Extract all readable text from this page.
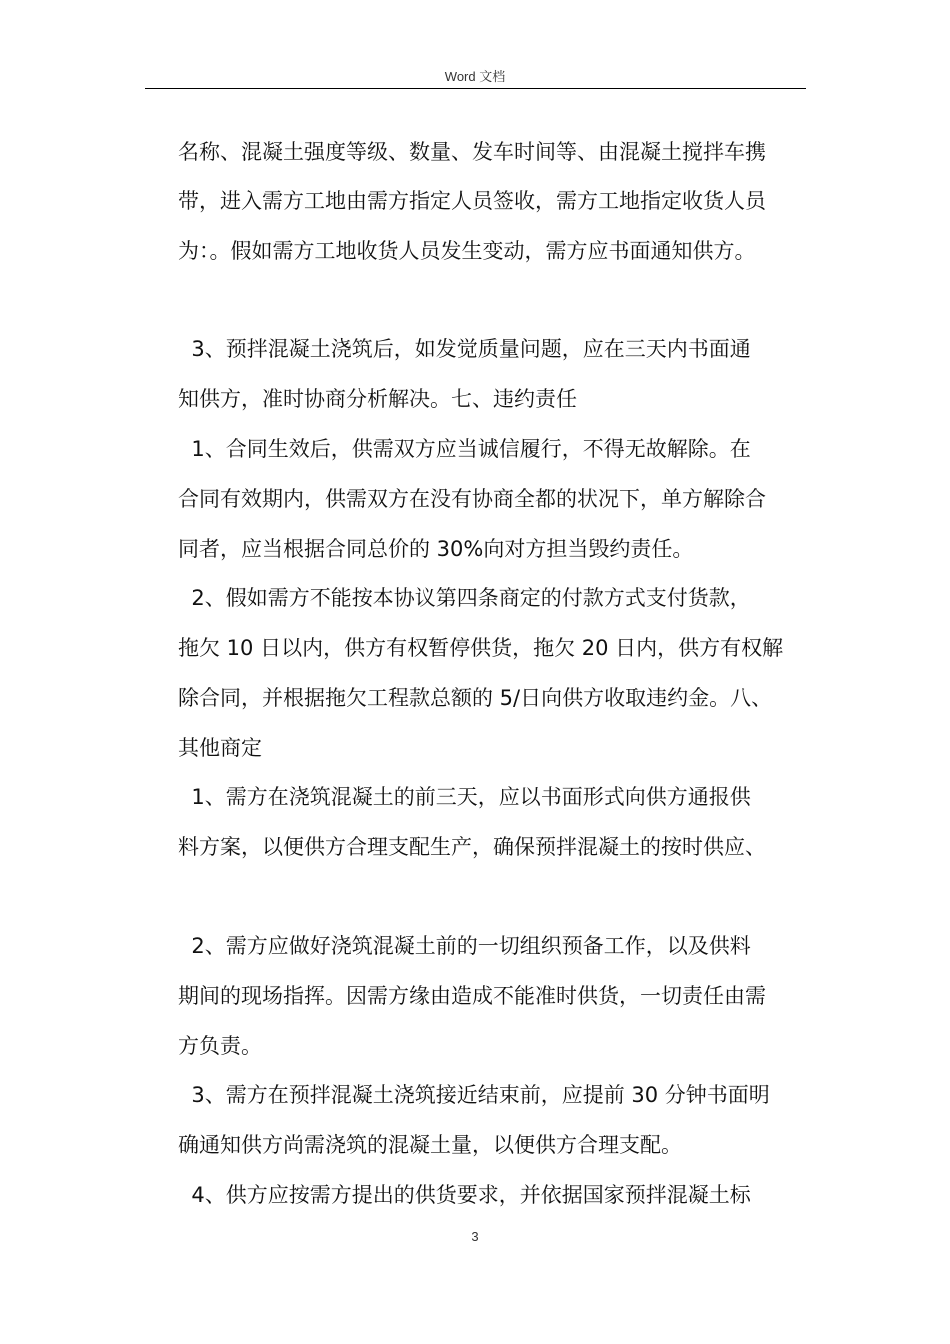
Word 文档
名称、混凝土强度等级、数量、发车时间等、由混凝土搅拌车携
带，进入需方工地由需方指定人员签收，需方工地指定收货人员
为：。假如需方工地收货人员发生变动，需方应书面通知供方。
3、预拌混凝土浇筑后，如发觉质量问题，应在三天内书面通
知供方，准时协商分析解决。七、违约责任
1、合同生效后，供需双方应当诚信履行，不得无故解除。在
合同有效期内，供需双方在没有协商全都的状况下，单方解除合
同者，应当根据合同总价的 30%向对方担当毁约责任。
2、假如需方不能按本协议第四条商定的付款方式支付货款，
拖欠 10 日以内，供方有权暂停供货，拖欠 20 日内，供方有权解
除合同，并根据拖欠工程款总额的 5/日向供方收取违约金。八、
其他商定
1、需方在浇筑混凝土的前三天，应以书面形式向供方通报供
料方案，以便供方合理支配生产，确保预拌混凝土的按时供应、
2、需方应做好浇筑混凝土前的一切组织预备工作，以及供料
期间的现场指挥。因需方缘由造成不能准时供货，一切责任由需
方负责。
3、需方在预拌混凝土浇筑接近结束前，应提前 30 分钟书面明
确通知供方尚需浇筑的混凝土量，以便供方合理支配。
4、供方应按需方提出的供货要求，并依据国家预拌混凝土标
3
